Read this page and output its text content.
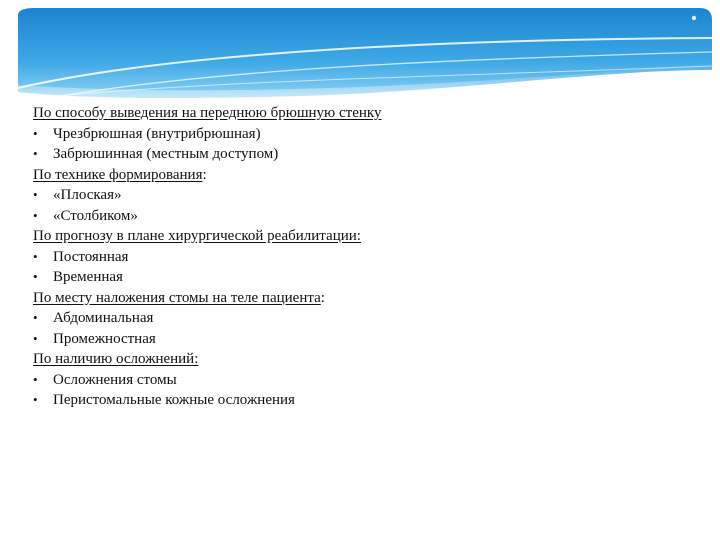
По способу выведения на переднюю брюшную стенку
•	Чрезбрюшная (внутрибрюшная)
•	Забрюшинная (местным доступом)
По технике формирования:
•	«Плоская»
•	«Столбиком»
По прогнозу в плане хирургической реабилитации:
•	Постоянная
•	Временная
По месту наложения стомы на теле пациента:
•	Абдоминальная
•	Промежностная
По наличию осложнений:
•	Осложнения стомы
•	Перистомальные кожные осложнения
